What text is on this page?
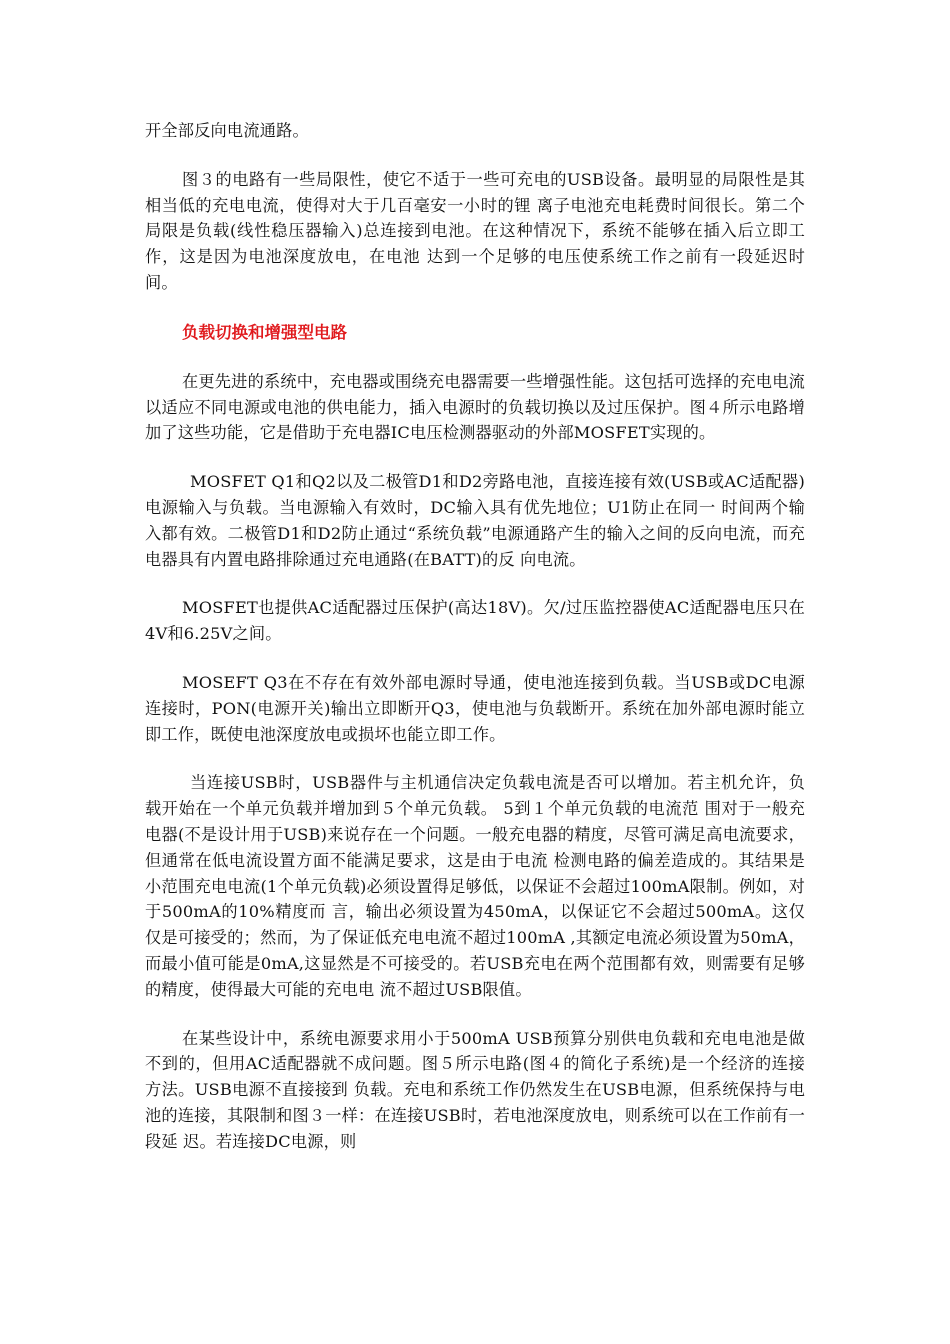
开全部反向电流通路。

图３的电路有一些局限性，使它不适于一些可充电的USB设备。最明显的局限性是其相当低的充电电流，使得对大于几百毫安一小时的锂 离子电池充电耗费时间很长。第二个局限是负载(线性稳压器输入)总连接到电池。在这种情况下，系统不能够在插入后立即工作，这是因为电池深度放电，在电池 达到一个足够的电压使系统工作之前有一段延迟时间。

负载切换和增强型电路

在更先进的系统中，充电器或围绕充电器需要一些增强性能。这包括可选择的充电电流以适应不同电源或电池的供电能力，插入电源时的负载切换以及过压保护。图４所示电路增加了这些功能，它是借助于充电器IC电压检测器驱动的外部MOSFET实现的。

MOSFET Q1和Q2以及二极管D1和D2旁路电池，直接连接有效(USB或AC适配器)电源输入与负载。当电源输入有效时，DC输入具有优先地位；U1防止在同一 时间两个输入都有效。二极管D1和D2防止通过“系统负载”电源通路产生的输入之间的反向电流，而充电器具有内置电路排除通过充电通路(在BATT)的反 向电流。

MOSFET也提供AC适配器过压保护(高达18V)。欠/过压监控器使AC适配器电压只在4V和6.25V之间。

MOSEFT Q3在不存在有效外部电源时导通，使电池连接到负载。当USB或DC电源连接时，PON(电源开关)输出立即断开Q3，使电池与负载断开。系统在加外部电源时能立即工作，既使电池深度放电或损坏也能立即工作。

当连接USB时，USB器件与主机通信决定负载电流是否可以增加。若主机允许，负载开始在一个单元负载并增加到５个单元负载。 5到１个单元负载的电流范 围对于一般充电器(不是设计用于USB)来说存在一个问题。一般充电器的精度，尽管可满足高电流要求，但通常在低电流设置方面不能满足要求，这是由于电流 检测电路的偏差造成的。其结果是小范围充电电流(1个单元负载)必须设置得足够低，以保证不会超过100mA限制。例如，对于500mA的10%精度而 言，输出必须设置为450mA，以保证它不会超过500mA。这仅仅是可接受的；然而，为了保证低充电电流不超过100mA ,其额定电流必须设置为50mA，而最小值可能是0mA,这显然是不可接受的。若USB充电在两个范围都有效，则需要有足够的精度，使得最大可能的充电电 流不超过USB限值。

在某些设计中，系统电源要求用小于500mA USB预算分别供电负载和充电电池是做不到的，但用AC适配器就不成问题。图５所示电路(图４的简化子系统)是一个经济的连接方法。USB电源不直接接到 负载。充电和系统工作仍然发生在USB电源，但系统保持与电池的连接，其限制和图３一样：在连接USB时，若电池深度放电，则系统可以在工作前有一段延 迟。若连接DC电源，则
